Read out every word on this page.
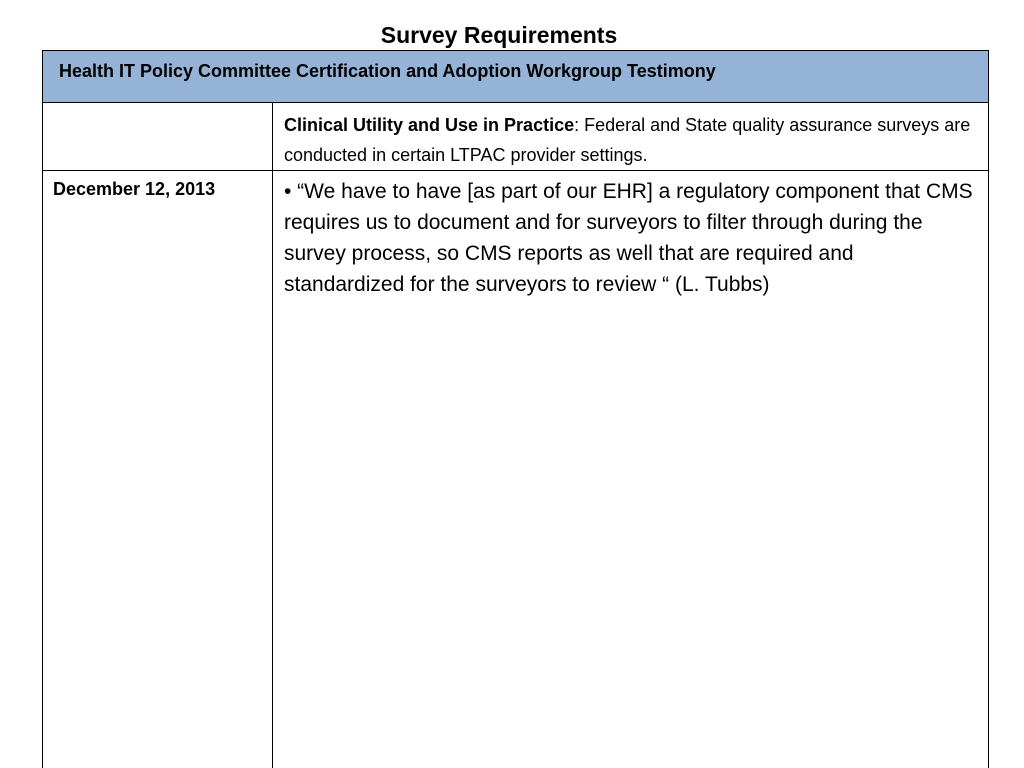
Survey Requirements
Health IT Policy Committee Certification and Adoption Workgroup Testimony
Clinical Utility and Use in Practice: Federal and State quality assurance surveys are conducted in certain LTPAC provider settings.
December 12, 2013	• “We have to have [as part of our EHR] a regulatory component that CMS requires us to document and for surveyors to filter through during the survey process, so CMS reports as well that are required and standardized for the surveyors to review “ (L. Tubbs)
